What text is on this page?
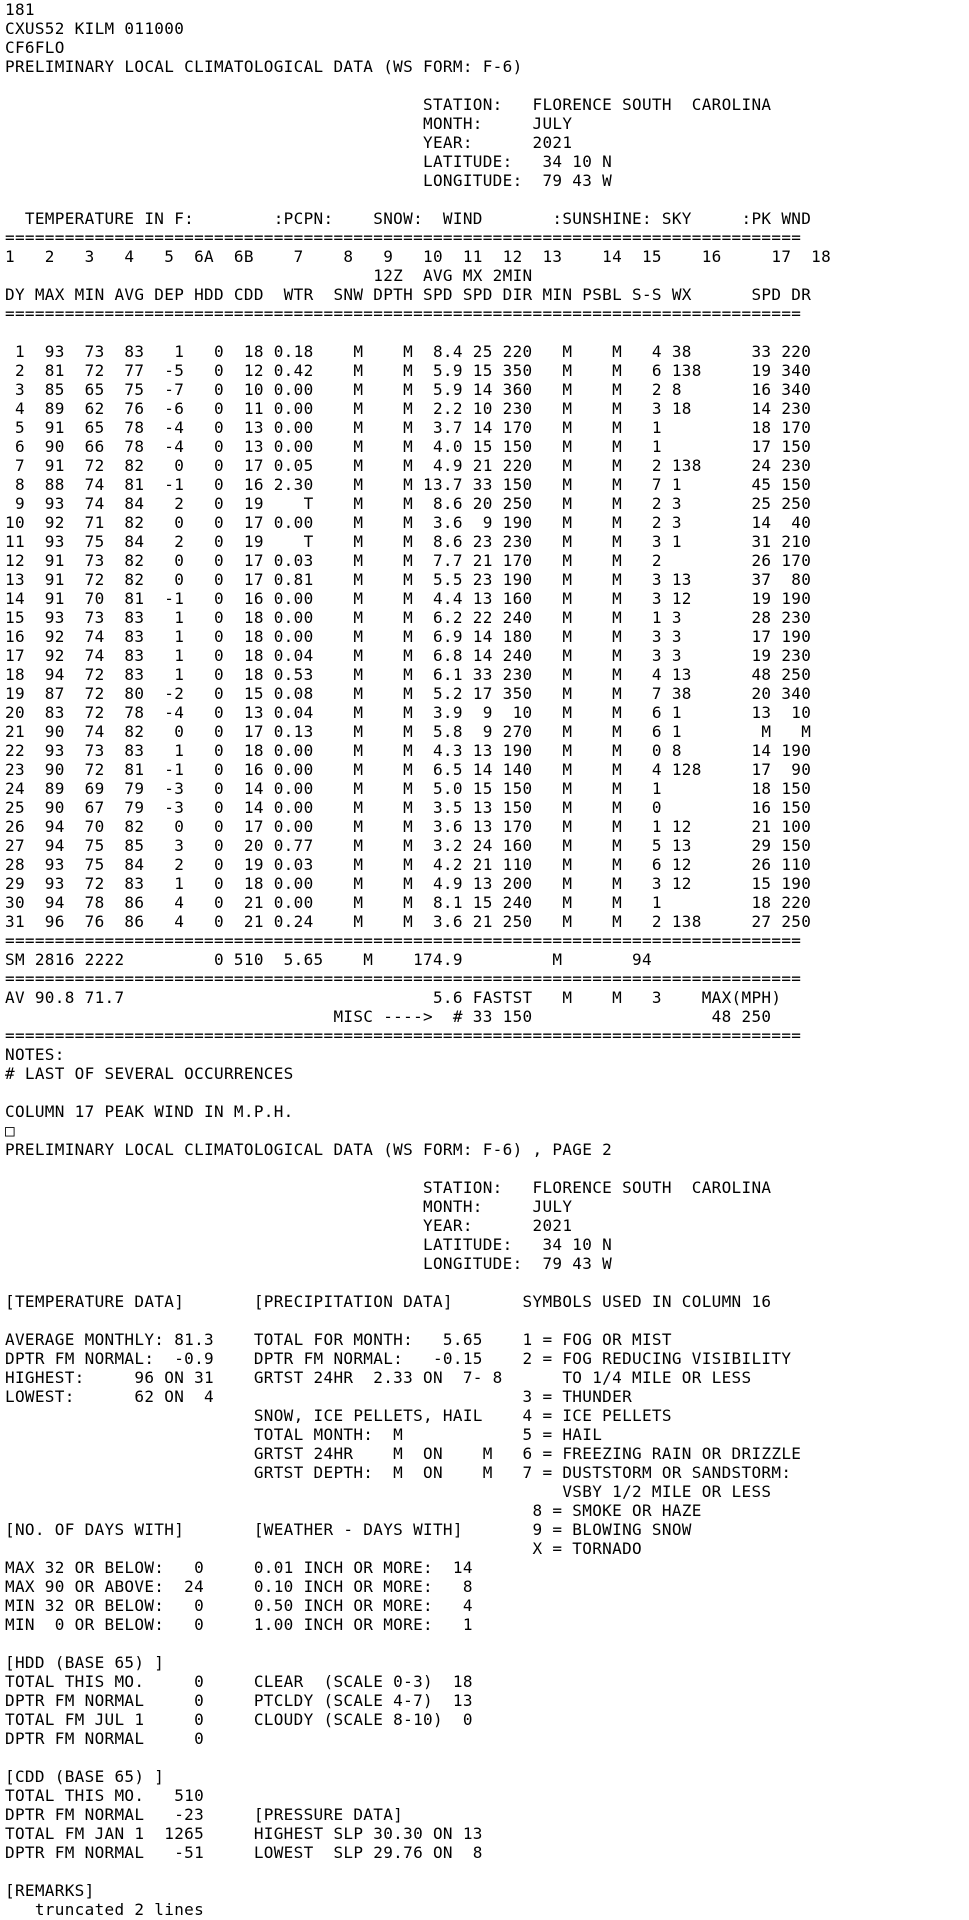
181
CXUS52 KILM 011000
CF6FLO
PRELIMINARY LOCAL CLIMATOLOGICAL DATA (WS FORM: F-6)
STATION:   FLORENCE SOUTH  CAROLINA
MONTH:     JULY
YEAR:      2021
LATITUDE:   34 10 N
LONGITUDE:  79 43 W
TEMPERATURE IN F:        :PCPN:    SNOW:  WIND       :SUNSHINE: SKY     :PK WND
================================================================================
1   2   3   4   5  6A  6B    7    8   9   10  11  12  13    14  15    16     17  18
12Z  AVG MX 2MIN
DY MAX MIN AVG DEP HDD CDD  WTR  SNW DPTH SPD SPD DIR MIN PSBL S-S WX      SPD DR
================================================================================
1  93  73  83   1   0  18 0.18    M    M  8.4 25 220   M    M   4 38      33 220
2  81  72  77  -5   0  12 0.42    M    M  5.9 15 350   M    M   6 138     19 340
3  85  65  75  -7   0  10 0.00    M    M  5.9 14 360   M    M   2 8       16 340
4  89  62  76  -6   0  11 0.00    M    M  2.2 10 230   M    M   3 18      14 230
5  91  65  78  -4   0  13 0.00    M    M  3.7 14 170   M    M   1         18 170
6  90  66  78  -4   0  13 0.00    M    M  4.0 15 150   M    M   1         17 150
7  91  72  82   0   0  17 0.05    M    M  4.9 21 220   M    M   2 138     24 230
8  88  74  81  -1   0  16 2.30    M    M 13.7 33 150   M    M   7 1       45 150
9  93  74  84   2   0  19    T    M    M  8.6 20 250   M    M   2 3       25 250
10  92  71  82   0   0  17 0.00    M    M  3.6  9 190   M    M   2 3       14  40
11  93  75  84   2   0  19    T    M    M  8.6 23 230   M    M   3 1       31 210
12  91  73  82   0   0  17 0.03    M    M  7.7 21 170   M    M   2         26 170
13  91  72  82   0   0  17 0.81    M    M  5.5 23 190   M    M   3 13      37  80
14  91  70  81  -1   0  16 0.00    M    M  4.4 13 160   M    M   3 12      19 190
15  93  73  83   1   0  18 0.00    M    M  6.2 22 240   M    M   1 3       28 230
16  92  74  83   1   0  18 0.00    M    M  6.9 14 180   M    M   3 3       17 190
17  92  74  83   1   0  18 0.04    M    M  6.8 14 240   M    M   3 3       19 230
18  94  72  83   1   0  18 0.53    M    M  6.1 33 230   M    M   4 13      48 250
19  87  72  80  -2   0  15 0.08    M    M  5.2 17 350   M    M   7 38      20 340
20  83  72  78  -4   0  13 0.04    M    M  3.9  9  10   M    M   6 1       13  10
21  90  74  82   0   0  17 0.13    M    M  5.8  9 270   M    M   6 1        M   M
22  93  73  83   1   0  18 0.00    M    M  4.3 13 190   M    M   0 8       14 190
23  90  72  81  -1   0  16 0.00    M    M  6.5 14 140   M    M   4 128     17  90
24  89  69  79  -3   0  14 0.00    M    M  5.0 15 150   M    M   1         18 150
25  90  67  79  -3   0  14 0.00    M    M  3.5 13 150   M    M   0         16 150
26  94  70  82   0   0  17 0.00    M    M  3.6 13 170   M    M   1 12      21 100
27  94  75  85   3   0  20 0.77    M    M  3.2 24 160   M    M   5 13      29 150
28  93  75  84   2   0  19 0.03    M    M  4.2 21 110   M    M   6 12      26 110
29  93  72  83   1   0  18 0.00    M    M  4.9 13 200   M    M   3 12      15 190
30  94  78  86   4   0  21 0.00    M    M  8.1 15 240   M    M   1         18 220
31  96  76  86   4   0  21 0.24    M    M  3.6 21 250   M    M   2 138     27 250
================================================================================
SM 2816 2222         0 510  5.65    M    174.9         M       94
================================================================================
AV 90.8 71.7                               5.6 FASTST   M    M   3    MAX(MPH)
MISC ---->  # 33 150                  48 250
================================================================================
NOTES:
# LAST OF SEVERAL OCCURRENCES
COLUMN 17 PEAK WIND IN M.P.H.
□
PRELIMINARY LOCAL CLIMATOLOGICAL DATA (WS FORM: F-6) , PAGE 2
STATION:   FLORENCE SOUTH  CAROLINA
MONTH:     JULY
YEAR:      2021
LATITUDE:   34 10 N
LONGITUDE:  79 43 W
[TEMPERATURE DATA]       [PRECIPITATION DATA]       SYMBOLS USED IN COLUMN 16
AVERAGE MONTHLY: 81.3    TOTAL FOR MONTH:   5.65    1 = FOG OR MIST
DPTR FM NORMAL:  -0.9    DPTR FM NORMAL:   -0.15    2 = FOG REDUCING VISIBILITY
HIGHEST:     96 ON 31    GRTST 24HR  2.33 ON  7- 8      TO 1/4 MILE OR LESS
LOWEST:      62 ON  4                               3 = THUNDER
SNOW, ICE PELLETS, HAIL    4 = ICE PELLETS
TOTAL MONTH:  M            5 = HAIL
GRTST 24HR    M  ON    M   6 = FREEZING RAIN OR DRIZZLE
GRTST DEPTH:  M  ON    M   7 = DUSTSTORM OR SANDSTORM:
VSBY 1/2 MILE OR LESS
8 = SMOKE OR HAZE
[NO. OF DAYS WITH]       [WEATHER - DAYS WITH]       9 = BLOWING SNOW
X = TORNADO
MAX 32 OR BELOW:   0     0.01 INCH OR MORE:  14
MAX 90 OR ABOVE:  24     0.10 INCH OR MORE:   8
MIN 32 OR BELOW:   0     0.50 INCH OR MORE:   4
MIN  0 OR BELOW:   0     1.00 INCH OR MORE:   1
[HDD (BASE 65) ]
TOTAL THIS MO.     0     CLEAR  (SCALE 0-3)  18
DPTR FM NORMAL     0     PTCLDY (SCALE 4-7)  13
TOTAL FM JUL 1     0     CLOUDY (SCALE 8-10)  0
DPTR FM NORMAL     0
[CDD (BASE 65) ]
TOTAL THIS MO.   510
DPTR FM NORMAL   -23     [PRESSURE DATA]
TOTAL FM JAN 1  1265     HIGHEST SLP 30.30 ON 13
DPTR FM NORMAL   -51     LOWEST  SLP 29.76 ON  8
[REMARKS]
truncated 2 lines
